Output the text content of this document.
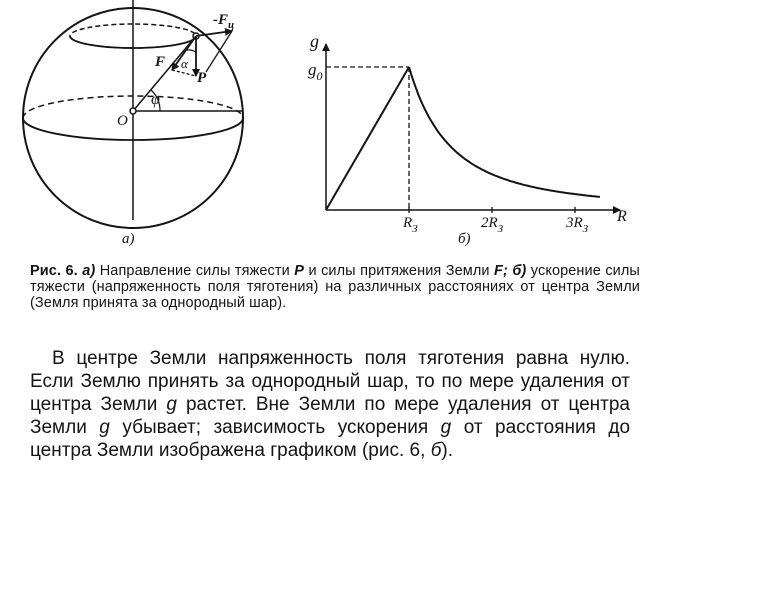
$-F_ц$
F
P
α
φ
O
а)
g
$g_0$
R
$R_З$	$2R_З$	$3R_З$
б)
Рис. 6. а) Направление силы тяжести P и силы притяжения Земли F; б) ускорение силы тяжести (напряженность поля тяготения) на различных расстояниях от центра Земли (Земля принята за однородный шар).

В центре Земли напряженность поля тяготения равна нулю. Если Землю принять за однородный шар, то по мере удаления от центра Земли g растет. Вне Земли по мере удаления от центра Земли g убывает; зависимость ускорения g от расстояния до центра Земли изображена графиком (рис. 6, б).
